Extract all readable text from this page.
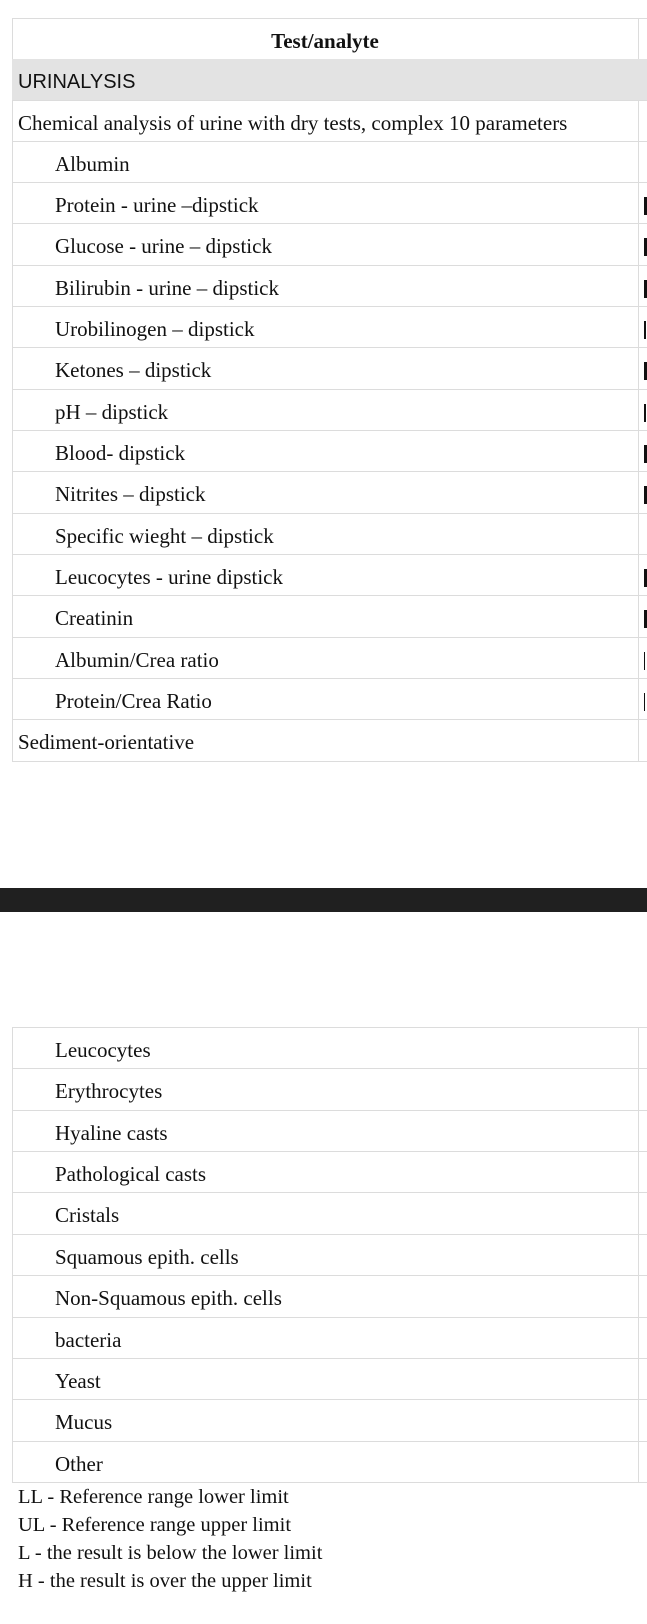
Test/analyte
URINALYSIS
Chemical analysis of urine with dry tests, complex 10 parameters
Albumin
Protein - urine –dipstick
Glucose - urine – dipstick
Bilirubin - urine – dipstick
Urobilinogen – dipstick
Ketones – dipstick
pH – dipstick
Blood- dipstick
Nitrites – dipstick
Specific wieght – dipstick
Leucocytes - urine dipstick
Creatinin
Albumin/Crea ratio
Protein/Crea Ratio
Sediment-orientative
Leucocytes
Erythrocytes
Hyaline casts
Pathological casts
Cristals
Squamous epith. cells
Non-Squamous epith. cells
bacteria
Yeast
Mucus
Other
LL - Reference range lower limit
UL - Reference range upper limit
L - the result is below the lower limit
H - the result is over the upper limit
